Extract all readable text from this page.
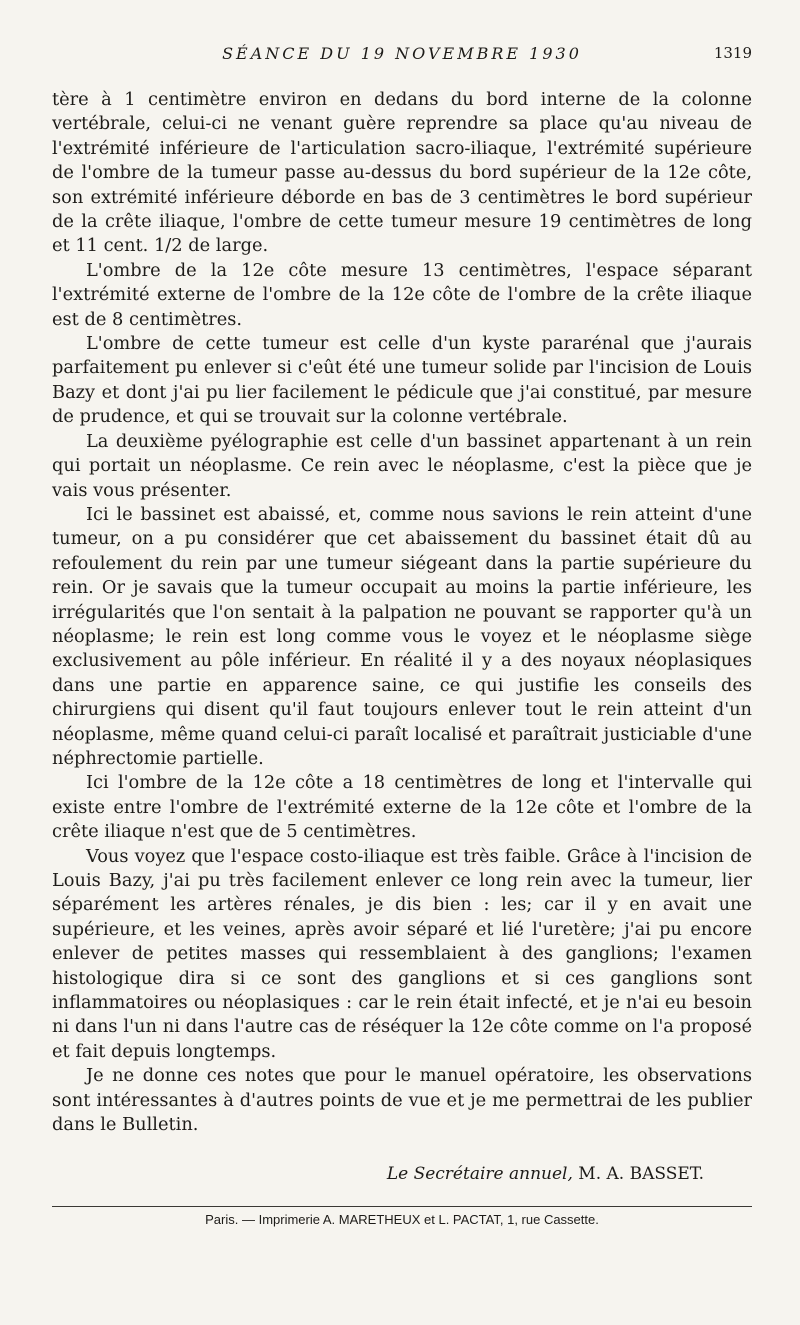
SÉANCE DU 19 NOVEMBRE 1930	1319

tère à 1 centimètre environ en dedans du bord interne de la colonne vertébrale, celui-ci ne venant guère reprendre sa place qu'au niveau de l'extrémité inférieure de l'articulation sacro-iliaque, l'extrémité supérieure de l'ombre de la tumeur passe au-dessus du bord supérieur de la 12e côte, son extrémité inférieure déborde en bas de 3 centimètres le bord supérieur de la crête iliaque, l'ombre de cette tumeur mesure 19 centimètres de long et 11 cent. 1/2 de large.

L'ombre de la 12e côte mesure 13 centimètres, l'espace séparant l'extrémité externe de l'ombre de la 12e côte de l'ombre de la crête iliaque est de 8 centimètres.

L'ombre de cette tumeur est celle d'un kyste pararénal que j'aurais parfaitement pu enlever si c'eût été une tumeur solide par l'incision de Louis Bazy et dont j'ai pu lier facilement le pédicule que j'ai constitué, par mesure de prudence, et qui se trouvait sur la colonne vertébrale.

La deuxième pyélographie est celle d'un bassinet appartenant à un rein qui portait un néoplasme. Ce rein avec le néoplasme, c'est la pièce que je vais vous présenter.

Ici le bassinet est abaissé, et, comme nous savions le rein atteint d'une tumeur, on a pu considérer que cet abaissement du bassinet était dû au refoulement du rein par une tumeur siégeant dans la partie supérieure du rein. Or je savais que la tumeur occupait au moins la partie inférieure, les irrégularités que l'on sentait à la palpation ne pouvant se rapporter qu'à un néoplasme; le rein est long comme vous le voyez et le néoplasme siège exclusivement au pôle inférieur. En réalité il y a des noyaux néoplasiques dans une partie en apparence saine, ce qui justifie les conseils des chirurgiens qui disent qu'il faut toujours enlever tout le rein atteint d'un néoplasme, même quand celui-ci paraît localisé et paraîtrait justiciable d'une néphrectomie partielle.

Ici l'ombre de la 12e côte a 18 centimètres de long et l'intervalle qui existe entre l'ombre de l'extrémité externe de la 12e côte et l'ombre de la crête iliaque n'est que de 5 centimètres.

Vous voyez que l'espace costo-iliaque est très faible. Grâce à l'incision de Louis Bazy, j'ai pu très facilement enlever ce long rein avec la tumeur, lier séparément les artères rénales, je dis bien : les; car il y en avait une supérieure, et les veines, après avoir séparé et lié l'uretère; j'ai pu encore enlever de petites masses qui ressemblaient à des ganglions; l'examen histologique dira si ce sont des ganglions et si ces ganglions sont inflammatoires ou néoplasiques : car le rein était infecté, et je n'ai eu besoin ni dans l'un ni dans l'autre cas de réséquer la 12e côte comme on l'a proposé et fait depuis longtemps.

Je ne donne ces notes que pour le manuel opératoire, les observations sont intéressantes à d'autres points de vue et je me permettrai de les publier dans le Bulletin.

Le Secrétaire annuel, M. A. BASSET.
Paris. — Imprimerie A. MARETHEUX et L. PACTAT, 1, rue Cassette.
